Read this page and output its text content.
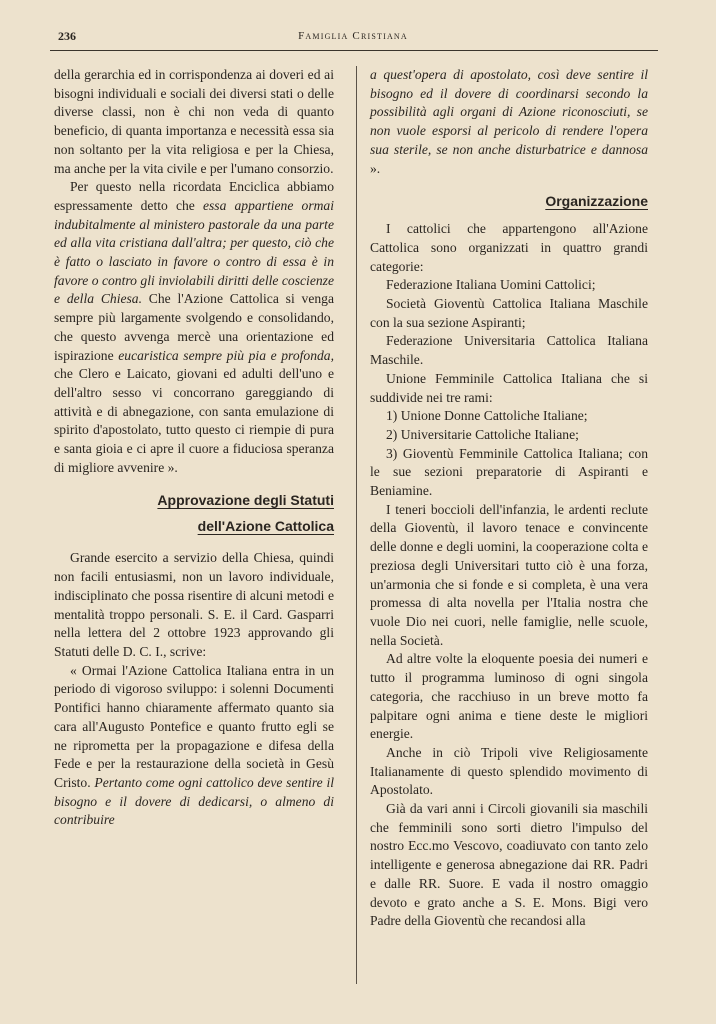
236	Famiglia Cristiana

della gerarchia ed in corrispondenza ai doveri ed ai bisogni individuali e sociali dei diversi stati o delle diverse classi, non è chi non veda di quanto beneficio, di quanta importanza e necessità essa sia non soltanto per la vita religiosa e per la Chiesa, ma anche per la vita civile e per l'umano consorzio.

Per questo nella ricordata Enciclica abbiamo espressamente detto che essa appartiene ormai indubitalmente al ministero pastorale da una parte ed alla vita cristiana dall'altra; per questo, ciò che è fatto o lasciato in favore o contro di essa è in favore o contro gli inviolabili diritti delle coscienze e della Chiesa. Che l'Azione Cattolica si venga sempre più largamente svolgendo e consolidando, che questo avvenga mercè una orientazione ed ispirazione eucaristica sempre più pia e profonda, che Clero e Laicato, giovani ed adulti dell'uno e dell'altro sesso vi concorrano gareggiando di attività e di abnegazione, con santa emulazione di spirito d'apostolato, tutto questo ci riempie di pura e santa gioia e ci apre il cuore a fiduciosa speranza di migliore avvenire ».

Approvazione degli Statuti

dell'Azione Cattolica

Grande esercito a servizio della Chiesa, quindi non facili entusiasmi, non un lavoro individuale, indisciplinato che possa risentire di alcuni metodi e mentalità troppo personali. S. E. il Card. Gasparri nella lettera del 2 ottobre 1923 approvando gli Statuti delle D. C. I., scrive:

« Ormai l'Azione Cattolica Italiana entra in un periodo di vigoroso sviluppo: i solenni Documenti Pontifici hanno chiaramente affermato quanto sia cara all'Augusto Pontefice e quanto frutto egli se ne riprometta per la propagazione e difesa della Fede e per la restaurazione della società in Gesù Cristo. Pertanto come ogni cattolico deve sentire il bisogno e il dovere di dedicarsi, o almeno di contribuire

a quest'opera di apostolato, così deve sentire il bisogno ed il dovere di coordinarsi secondo la possibilità agli organi di Azione riconosciuti, se non vuole esporsi al pericolo di rendere l'opera sua sterile, se non anche disturbatrice e dannosa ».

Organizzazione

I cattolici che appartengono all'Azione Cattolica sono organizzati in quattro grandi categorie:

Federazione Italiana Uomini Cattolici;

Società Gioventù Cattolica Italiana Maschile con la sua sezione Aspiranti;

Federazione Universitaria Cattolica Italiana Maschile.

Unione Femminile Cattolica Italiana che si suddivide nei tre rami:

1) Unione Donne Cattoliche Italiane;

2) Universitarie Cattoliche Italiane;

3) Gioventù Femminile Cattolica Italiana; con le sue sezioni preparatorie di Aspiranti e Beniamine.

I teneri boccioli dell'infanzia, le ardenti reclute della Gioventù, il lavoro tenace e convincente delle donne e degli uomini, la cooperazione colta e preziosa degli Universitari tutto ciò è una forza, un'armonia che si fonde e si completa, è una vera promessa di alta novella per l'Italia nostra che vuole Dio nei cuori, nelle famiglie, nelle scuole, nella Società.

Ad altre volte la eloquente poesia dei numeri e tutto il programma luminoso di ogni singola categoria, che racchiuso in un breve motto fa palpitare ogni anima e tiene deste le migliori energie.

Anche in ciò Tripoli vive Religiosamente Italianamente di questo splendido movimento di Apostolato.

Già da vari anni i Circoli giovanili sia maschili che femminili sono sorti dietro l'impulso del nostro Ecc.mo Vescovo, coadiuvato con tanto zelo intelligente e generosa abnegazione dai RR. Padri e dalle RR. Suore. E vada il nostro omaggio devoto e grato anche a S. E. Mons. Bigi vero Padre della Gioventù che recandosi alla
